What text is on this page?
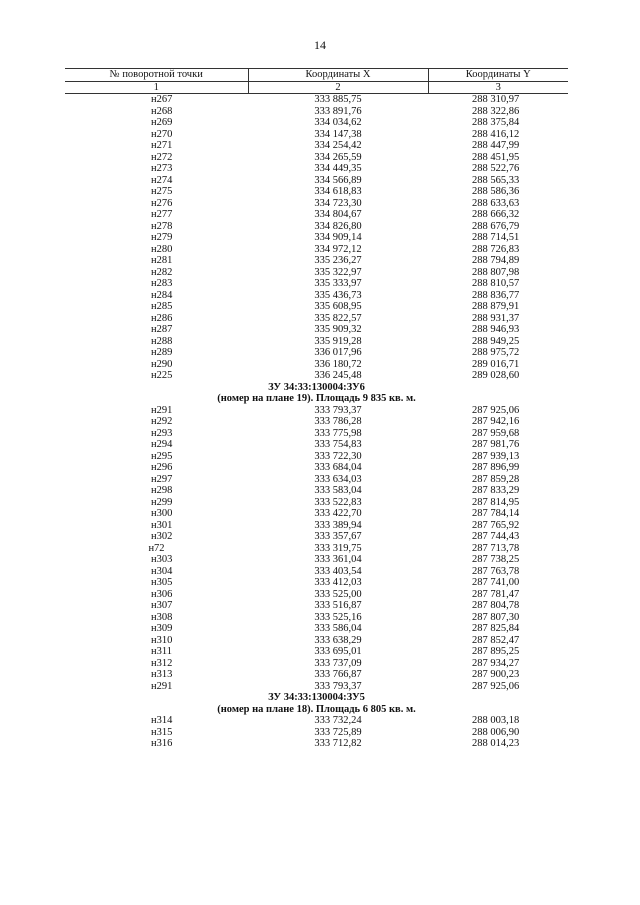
14
№ поворотной точки	Координаты X	Координаты Y
1	2	3
н267	333 885,75	288 310,97
н268	333 891,76	288 322,86
н269	334 034,62	288 375,84
н270	334 147,38	288 416,12
н271	334 254,42	288 447,99
н272	334 265,59	288 451,95
н273	334 449,35	288 522,76
н274	334 566,89	288 565,33
н275	334 618,83	288 586,36
н276	334 723,30	288 633,63
н277	334 804,67	288 666,32
н278	334 826,80	288 676,79
н279	334 909,14	288 714,51
н280	334 972,12	288 726,83
н281	335 236,27	288 794,89
н282	335 322,97	288 807,98
н283	335 333,97	288 810,57
н284	335 436,73	288 836,77
н285	335 608,95	288 879,91
н286	335 822,57	288 931,37
н287	335 909,32	288 946,93
н288	335 919,28	288 949,25
н289	336 017,96	288 975,72
н290	336 180,72	289 016,71
н225	336 245,48	289 028,60
ЗУ 34:33:130004:ЗУ6		
(номер на плане 19). Площадь 9 835 кв. м.		
н291	333 793,37	287 925,06
н292	333 786,28	287 942,16
н293	333 775,98	287 959,68
н294	333 754,83	287 981,76
н295	333 722,30	287 939,13
н296	333 684,04	287 896,99
н297	333 634,03	287 859,28
н298	333 583,04	287 833,29
н299	333 522,83	287 814,95
н300	333 422,70	287 784,14
н301	333 389,94	287 765,92
н302	333 357,67	287 744,43
н72	333 319,75	287 713,78
н303	333 361,04	287 738,25
н304	333 403,54	287 763,78
н305	333 412,03	287 741,00
н306	333 525,00	287 781,47
н307	333 516,87	287 804,78
н308	333 525,16	287 807,30
н309	333 586,04	287 825,84
н310	333 638,29	287 852,47
н311	333 695,01	287 895,25
н312	333 737,09	287 934,27
н313	333 766,87	287 900,23
н291	333 793,37	287 925,06
ЗУ 34:33:130004:ЗУ5		
(номер на плане 18). Площадь 6 805 кв. м.		
н314	333 732,24	288 003,18
н315	333 725,89	288 006,90
н316	333 712,82	288 014,23
